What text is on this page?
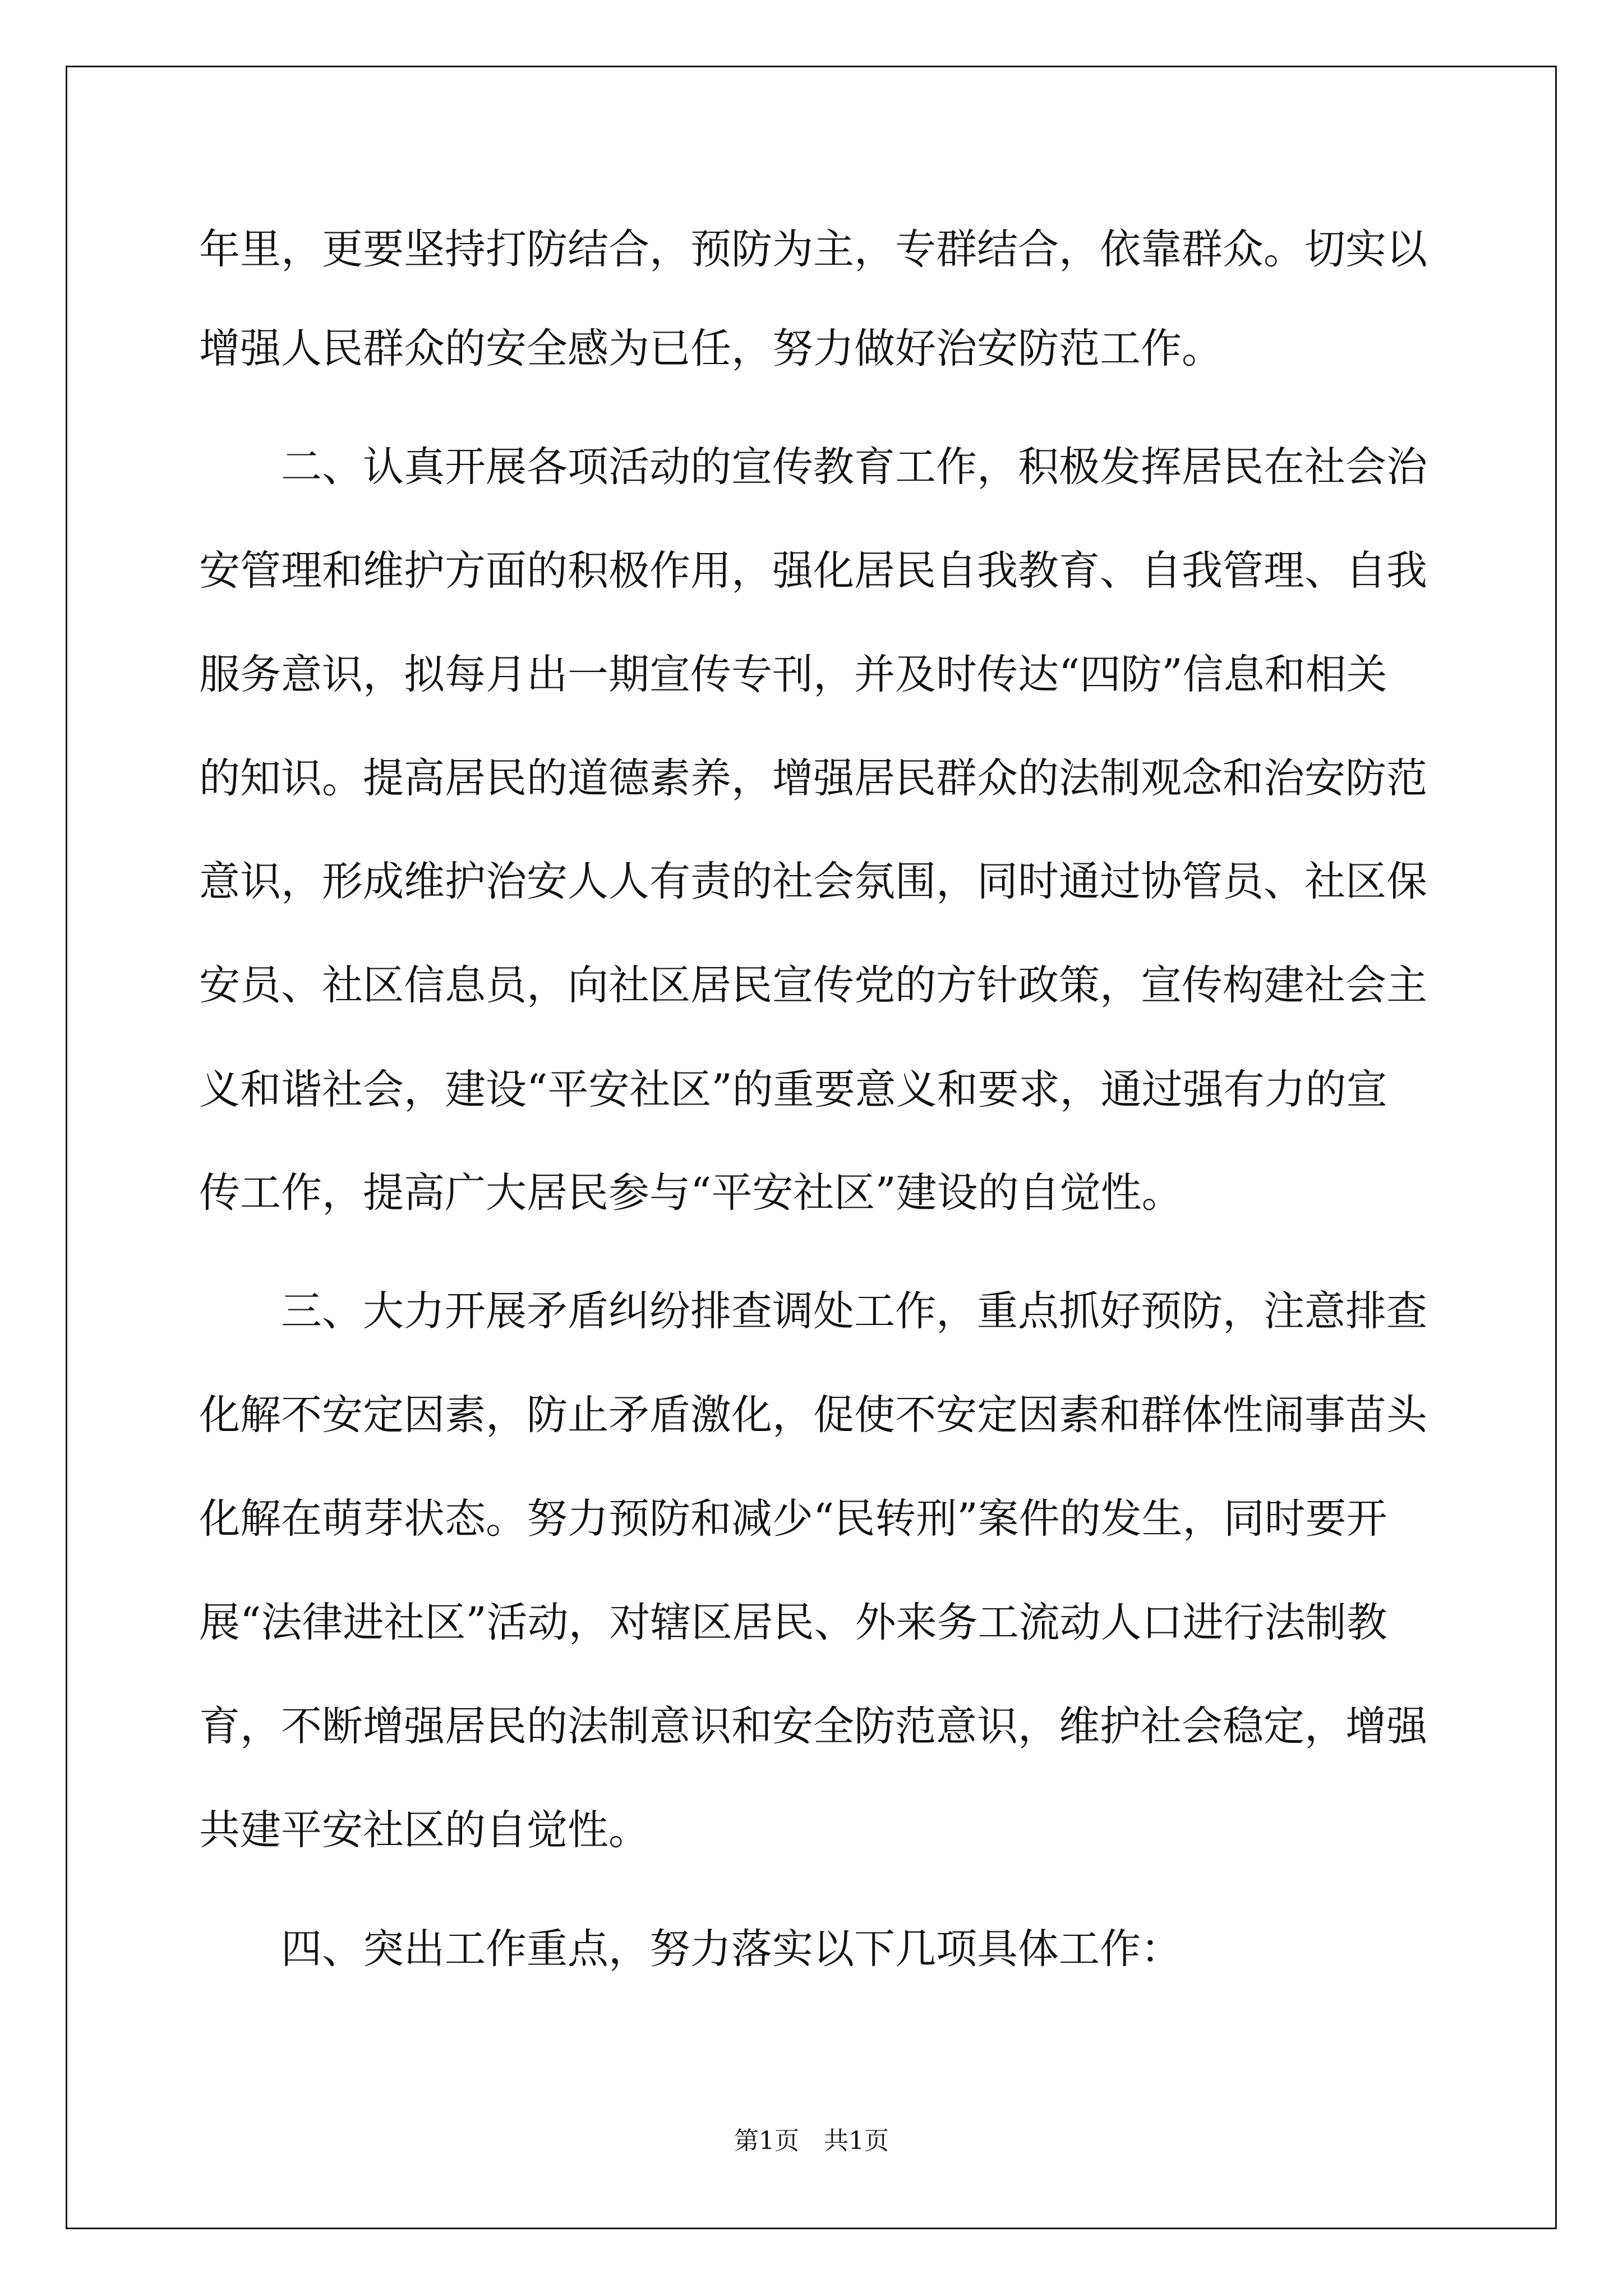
年里，更要坚持打防结合，预防为主，专群结合，依靠群众。切实以
增强人民群众的安全感为已任，努力做好治安防范工作。
　　二、认真开展各项活动的宣传教育工作，积极发挥居民在社会治
安管理和维护方面的积极作用，强化居民自我教育、自我管理、自我
服务意识，拟每月出一期宣传专刊，并及时传达“四防”信息和相关
的知识。提高居民的道德素养，增强居民群众的法制观念和治安防范
意识，形成维护治安人人有责的社会氛围，同时通过协管员、社区保
安员、社区信息员，向社区居民宣传党的方针政策，宣传构建社会主
义和谐社会，建设“平安社区”的重要意义和要求，通过强有力的宣
传工作，提高广大居民参与“平安社区”建设的自觉性。
　　三、大力开展矛盾纠纷排查调处工作，重点抓好预防，注意排查
化解不安定因素，防止矛盾激化，促使不安定因素和群体性闹事苗头
化解在萌芽状态。努力预防和减少“民转刑”案件的发生，同时要开
展“法律进社区”活动，对辖区居民、外来务工流动人口进行法制教
育，不断增强居民的法制意识和安全防范意识，维护社会稳定，增强
共建平安社区的自觉性。
　　四、突出工作重点，努力落实以下几项具体工作：
第1页　共1页
